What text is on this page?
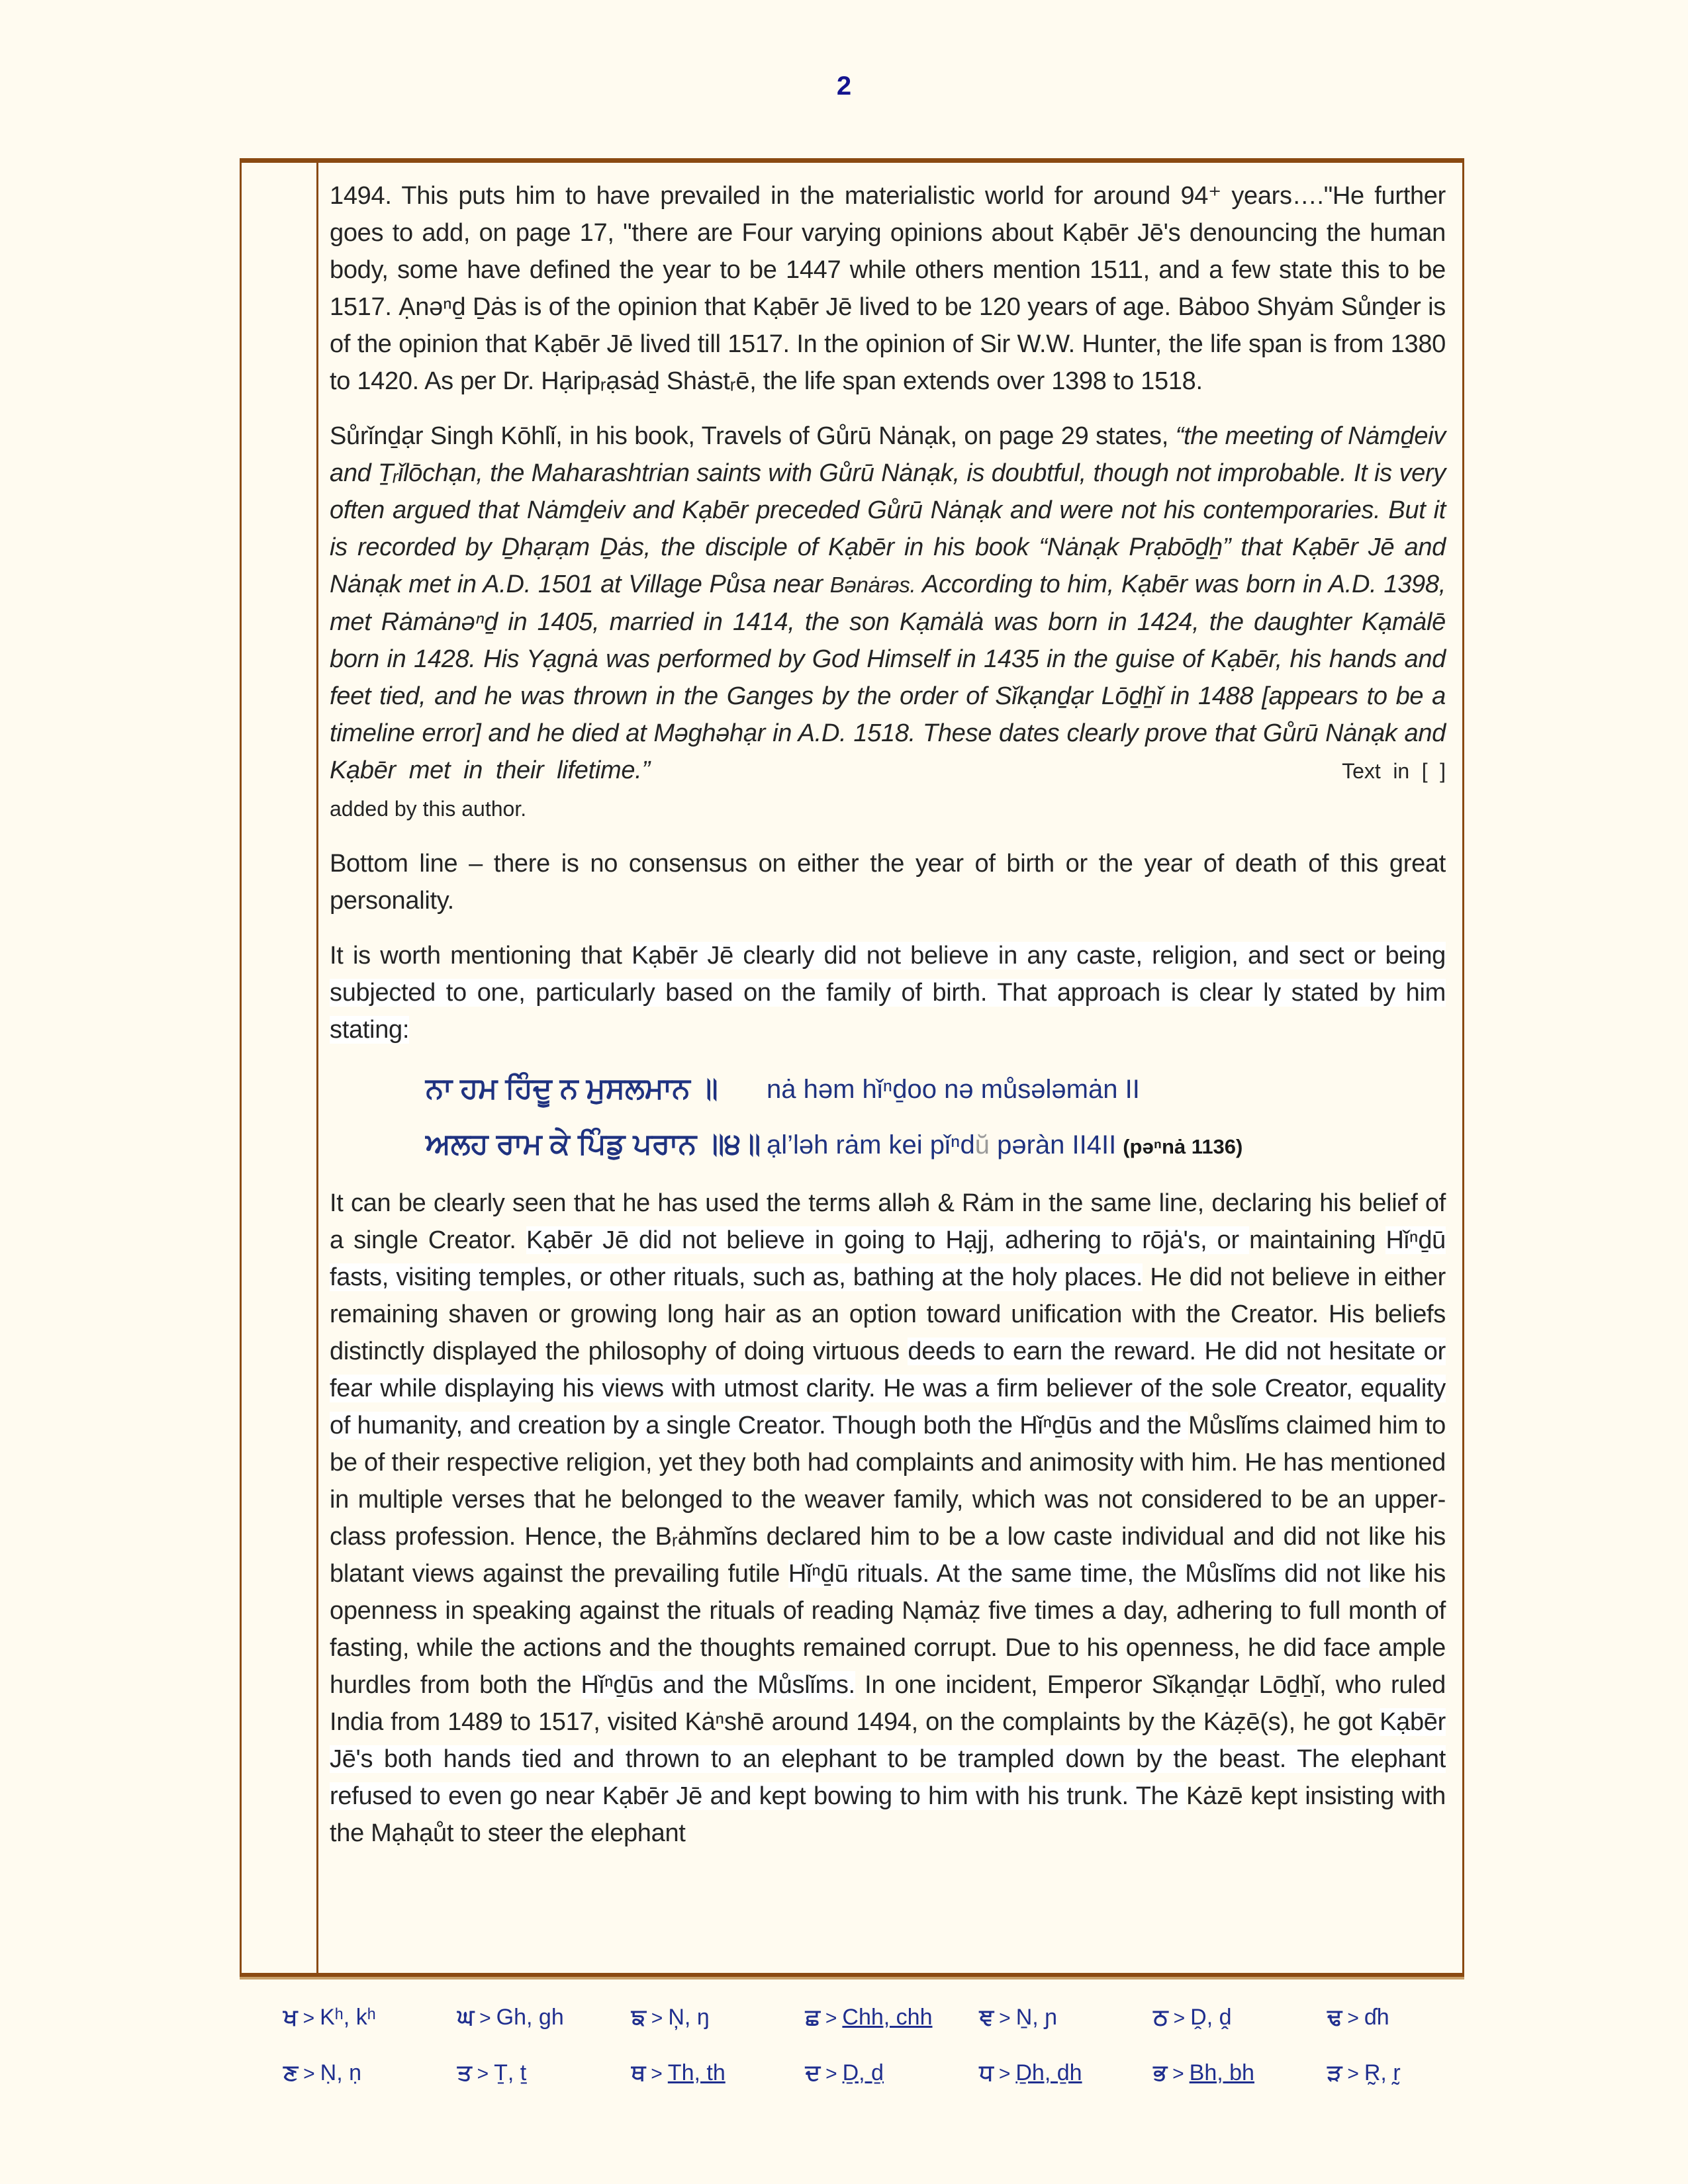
2

1494. This puts him to have prevailed in the materialistic world for around 94⁺ years…."He further goes to add, on page 17, "there are Four varying opinions about Kạbēr Jē's denouncing the human body, some have defined the year to be 1447 while others mention 1511, and a few state this to be 1517. Ạnəⁿḏ Ḏȧs is of the opinion that Kạbēr Jē lived to be 120 years of age. Bȧboo Shyȧm Sůnḏer is of the opinion that Kạbēr Jē lived till 1517. In the opinion of Sir W.W. Hunter, the life span is from 1380 to 1420. As per Dr. Hạripᵣạsȧḏ Shȧstᵣē, the life span extends over 1398 to 1518.

Sůrǐnḏạr Singh Kōhlǐ, in his book, Travels of Gůrū Nȧnạk, on page 29 states, “the meeting of Nȧmḏeiv and Ṯᵣǐlōchạn, the Maharashtrian saints with Gůrū Nȧnạk, is doubtful, though not improbable. It is very often argued that Nȧmḏeiv and Kạbēr preceded Gůrū Nȧnạk and were not his contemporaries. But it is recorded by Ḏhạrạm Ḏȧs, the disciple of Kạbēr in his book “Nȧnạk Prạbōḏẖ” that Kạbēr Jē and Nȧnạk met in A.D. 1501 at Village Půsa near Bənȧrəs. According to him, Kạbēr was born in A.D. 1398, met Rȧmȧnəⁿḏ in 1405, married in 1414, the son Kạmȧlȧ was born in 1424, the daughter Kạmȧlē born in 1428. His Yạgnȧ was performed by God Himself in 1435 in the guise of Kạbēr, his hands and feet tied, and he was thrown in the Ganges by the order of Sǐkạnḏạr Lōḏẖǐ in 1488 [appears to be a timeline error] and he died at Məghəhạr in A.D. 1518. These dates clearly prove that Gůrū Nȧnạk and Kạbēr met in their lifetime.”	Text in [ ] added by this author.

Bottom line – there is no consensus on either the year of birth or the year of death of this great personality.

It is worth mentioning that Kạbēr Jē clearly did not believe in any caste, religion, and sect or being subjected to one, particularly based on the family of birth. That approach is clear ly stated by him stating:

ਨਾ ਹਮ ਹਿੰਦੂ ਨ ਮੁਸਲਮਾਨ ॥	nȧ həm hǐⁿḏoo nə můsələmȧn II
ਅਲਹ ਰਾਮ ਕੇ ਪਿੰਡੁ ਪਰਾਨ ॥੪॥ ạl’ləh rȧm kei pǐⁿdŭ pəràn II4II (pəⁿnȧ 1136)

It can be clearly seen that he has used the terms alləh & Rȧm in the same line, declaring his belief of a single Creator. Kạbēr Jē did not believe in going to Hạjj, adhering to rōjȧ's, or maintaining Hǐⁿḏū fasts, visiting temples, or other rituals, such as, bathing at the holy places. He did not believe in either remaining shaven or growing long hair as an option toward unification with the Creator. His beliefs distinctly displayed the philosophy of doing virtuous deeds to earn the reward. He did not hesitate or fear while displaying his views with utmost clarity. He was a firm believer of the sole Creator, equality of humanity, and creation by a single Creator. Though both the Hǐⁿḏūs and the Můslǐms claimed him to be of their respective religion, yet they both had complaints and animosity with him. He has mentioned in multiple verses that he belonged to the weaver family, which was not considered to be an upper-class profession. Hence, the Bᵣȧhmǐns declared him to be a low caste individual and did not like his blatant views against the prevailing futile Hǐⁿḏū rituals. At the same time, the Můslǐms did not like his openness in speaking against the rituals of reading Nạmȧẓ five times a day, adhering to full month of fasting, while the actions and the thoughts remained corrupt. Due to his openness, he did face ample hurdles from both the Hǐⁿḏūs and the Můslǐms. In one incident, Emperor Sǐkạnḏạr Lōḏẖǐ, who ruled India from 1489 to 1517, visited Kȧⁿshē around 1494, on the complaints by the Kȧẓē(s), he got Kạbēr Jē's both hands tied and thrown to an elephant to be trampled down by the beast. The elephant refused to even go near Kạbēr Jē and kept bowing to him with his trunk. The Kȧzē kept insisting with the Mạhạůt to steer the elephant

ਖ > Kʰ, kʰ	ਘ > Gh, gh	ਙ > N̦, ŋ	ਛ > Chh, chh	ਞ > Ṉ, ɲ	ਠ > Ḓ, ḓ	ਢ > ɗh
ਣ > Ṇ, ṇ	ਤ > Ṯ, ṯ	ਥ > Th, th	ਦ > Ḏ, ḏ	ਧ > Ḏh, ḏh	ਭ > Bh, bh	ੜ > R̰, r̰
